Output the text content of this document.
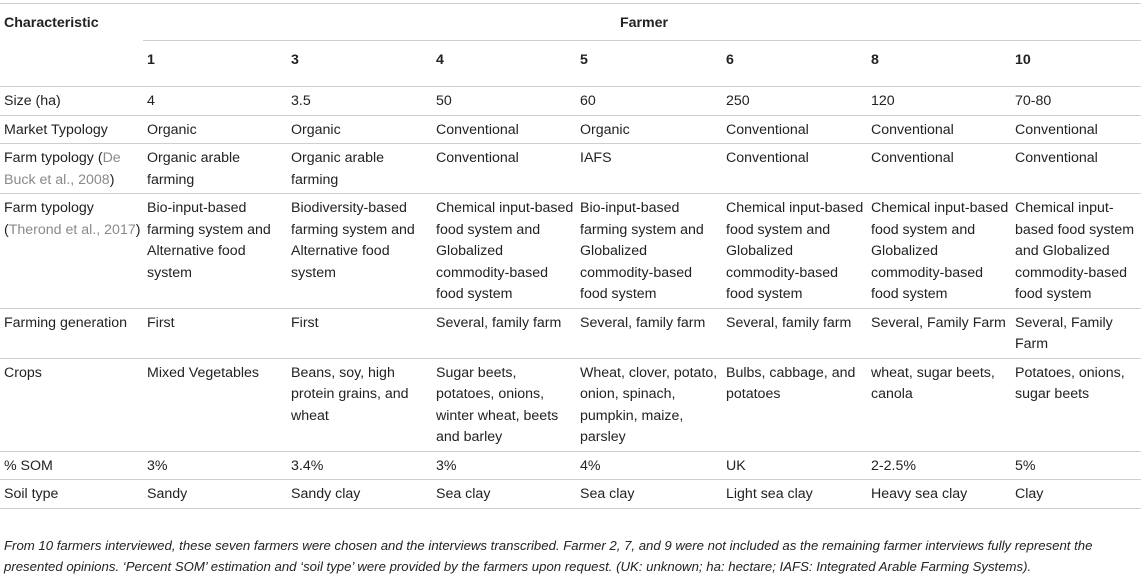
Characteristic	Farmer						
	1	3	4	5	6	8	10
Size (ha)	4	3.5	50	60	250	120	70-80
Market Typology	Organic	Organic	Conventional	Organic	Conventional	Conventional	Conventional
Farm typology (De Buck et al., 2008)	Organic arable farming	Organic arable farming	Conventional	IAFS	Conventional	Conventional	Conventional
Farm typology (Therond et al., 2017)	Bio-input-based farming system and Alternative food system	Biodiversity-based farming system and Alternative food system	Chemical input-based food system and Globalized commodity-based food system	Bio-input-based farming system and Globalized commodity-based food system	Chemical input-based food system and Globalized commodity-based food system	Chemical input-based food system and Globalized commodity-based food system	Chemical input-based food system and Globalized commodity-based food system
Farming generation	First	First	Several, family farm	Several, family farm	Several, family farm	Several, Family Farm	Several, Family Farm
Crops	Mixed Vegetables	Beans, soy, high protein grains, and wheat	Sugar beets, potatoes, onions, winter wheat, beets and barley	Wheat, clover, potato, onion, spinach, pumpkin, maize, parsley	Bulbs, cabbage, and potatoes	wheat, sugar beets, canola	Potatoes, onions, sugar beets
% SOM	3%	3.4%	3%	4%	UK	2-2.5%	5%
Soil type	Sandy	Sandy clay	Sea clay	Sea clay	Light sea clay	Heavy sea clay	Clay
From 10 farmers interviewed, these seven farmers were chosen and the interviews transcribed. Farmer 2, 7, and 9 were not included as the remaining farmer interviews fully represent the presented opinions. ‘Percent SOM’ estimation and ‘soil type’ were provided by the farmers upon request. (UK: unknown; ha: hectare; IAFS: Integrated Arable Farming Systems).
